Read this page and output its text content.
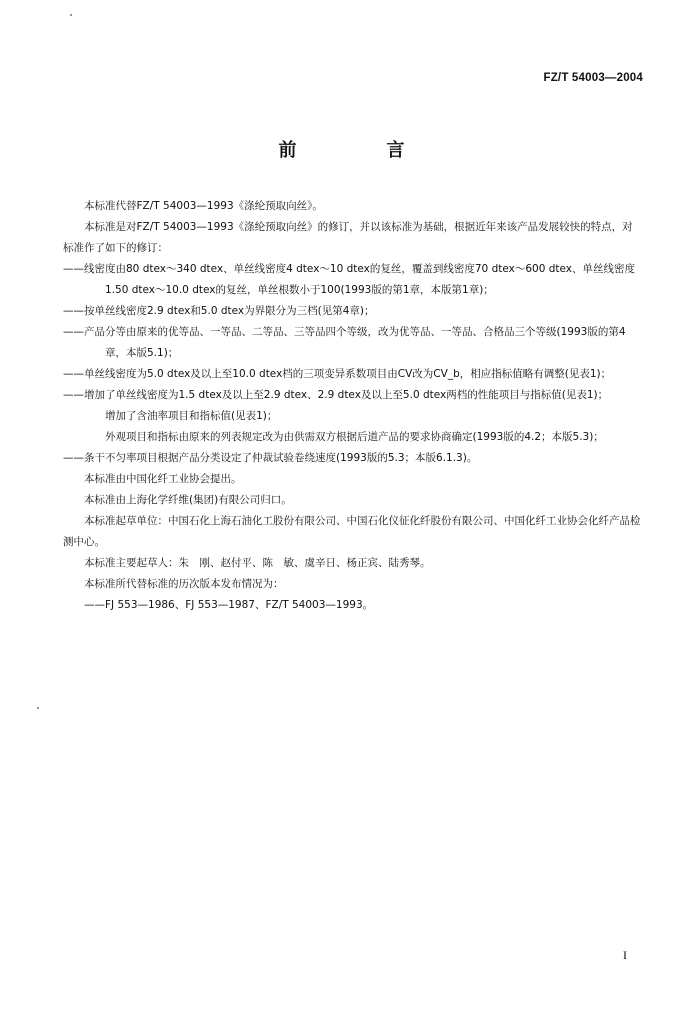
FZ/T 54003—2004
前　言

本标准代替FZ/T 54003—1993《涤纶预取向丝》。

本标准是对FZ/T 54003—1993《涤纶预取向丝》的修订，并以该标准为基础，根据近年来该产品发展较快的特点，对标准作了如下的修订：

——线密度由80 dtex～340 dtex、单丝线密度4 dtex～10 dtex的复丝，覆盖到线密度70 dtex～600 dtex、单丝线密度1.50 dtex～10.0 dtex的复丝，单丝根数小于100(1993版的第1章，本版第1章)；

——按单丝线密度2.9 dtex和5.0 dtex为界限分为三档(见第4章)；

——产品分等由原来的优等品、一等品、二等品、三等品四个等级，改为优等品、一等品、合格品三个等级(1993版的第4章，本版5.1)；

——单丝线密度为5.0 dtex及以上至10.0 dtex档的三项变异系数项目由CV改为CV_b，相应指标值略有调整(见表1)；

——增加了单丝线密度为1.5 dtex及以上至2.9 dtex、2.9 dtex及以上至5.0 dtex两档的性能项目与指标值(见表1)；

增加了含油率项目和指标值(见表1)；

外观项目和指标由原来的列表规定改为由供需双方根据后道产品的要求协商确定(1993版的4.2；本版5.3)；

——条干不匀率项目根据产品分类设定了仲裁试验卷绕速度(1993版的5.3；本版6.1.3)。

本标准由中国化纤工业协会提出。

本标准由上海化学纤维(集团)有限公司归口。

本标准起草单位：中国石化上海石油化工股份有限公司、中国石化仪征化纤股份有限公司、中国化纤工业协会化纤产品检测中心。

本标准主要起草人：朱　刚、赵付平、陈　敏、虞辛日、杨正宾、陆秀琴。

本标准所代替标准的历次版本发布情况为：

——FJ 553—1986、FJ 553—1987、FZ/T 54003—1993。

I
